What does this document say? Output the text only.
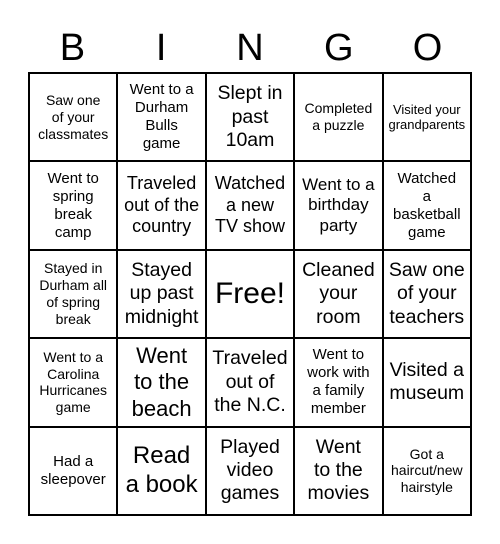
B	I	N	G	O
Saw one
of your
classmates
Went to a
Durham
Bulls
game
Slept in
past
10am
Completed
a puzzle
Visited your
grandparents
Went to
spring
break
camp
Traveled
out of the
country
Watched
a new
TV show
Went to a
birthday
party
Watched
a
basketball
game
Stayed in
Durham all
of spring
break
Stayed
up past
midnight
Free!
Cleaned
your
room
Saw one
of your
teachers
Went to a
Carolina
Hurricanes
game
Went
to the
beach
Traveled
out of
the N.C.
Went to
work with
a family
member
Visited a
museum
Had a
sleepover
Read
a book
Played
video
games
Went
to the
movies
Got a
haircut/new
hairstyle
